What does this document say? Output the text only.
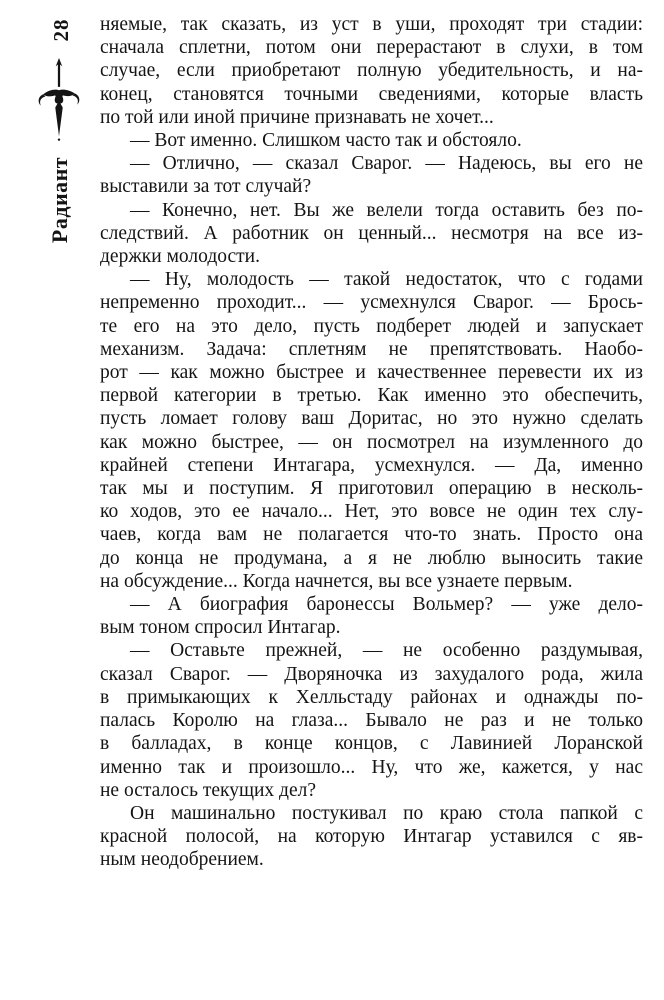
28
Радиант
няемые, так сказать, из уст в уши, проходят три стадии:
сначала сплетни, потом они перерастают в слухи, в том
случае, если приобретают полную убедительность, и на-
конец, становятся точными сведениями, которые власть
по той или иной причине признавать не хочет...
— Вот именно. Слишком часто так и обстояло.
— Отлично, — сказал Сварог. — Надеюсь, вы его не
выставили за тот случай?
— Конечно, нет. Вы же велели тогда оставить без по-
следствий. А работник он ценный... несмотря на все из-
держки молодости.
— Ну, молодость — такой недостаток, что с годами
непременно проходит... — усмехнулся Сварог. — Брось-
те его на это дело, пусть подберет людей и запускает
механизм. Задача: сплетням не препятствовать. Наобо-
рот — как можно быстрее и качественнее перевести их из
первой категории в третью. Как именно это обеспечить,
пусть ломает голову ваш Доритас, но это нужно сделать
как можно быстрее, — он посмотрел на изумленного до
крайней степени Интагара, усмехнулся. — Да, именно
так мы и поступим. Я приготовил операцию в несколь-
ко ходов, это ее начало... Нет, это вовсе не один тех слу-
чаев, когда вам не полагается что-то знать. Просто она
до конца не продумана, а я не люблю выносить такие
на обсуждение... Когда начнется, вы все узнаете первым.
— А биография баронессы Вольмер? — уже дело-
вым тоном спросил Интагар.
— Оставьте прежней, — не особенно раздумывая,
сказал Сварог. — Дворяночка из захудалого рода, жила
в примыкающих к Хелльстаду районах и однажды по-
палась Королю на глаза... Бывало не раз и не только
в балладах, в конце концов, с Лавинией Лоранской
именно так и произошло... Ну, что же, кажется, у нас
не осталось текущих дел?
Он машинально постукивал по краю стола папкой с
красной полосой, на которую Интагар уставился с яв-
ным неодобрением.
